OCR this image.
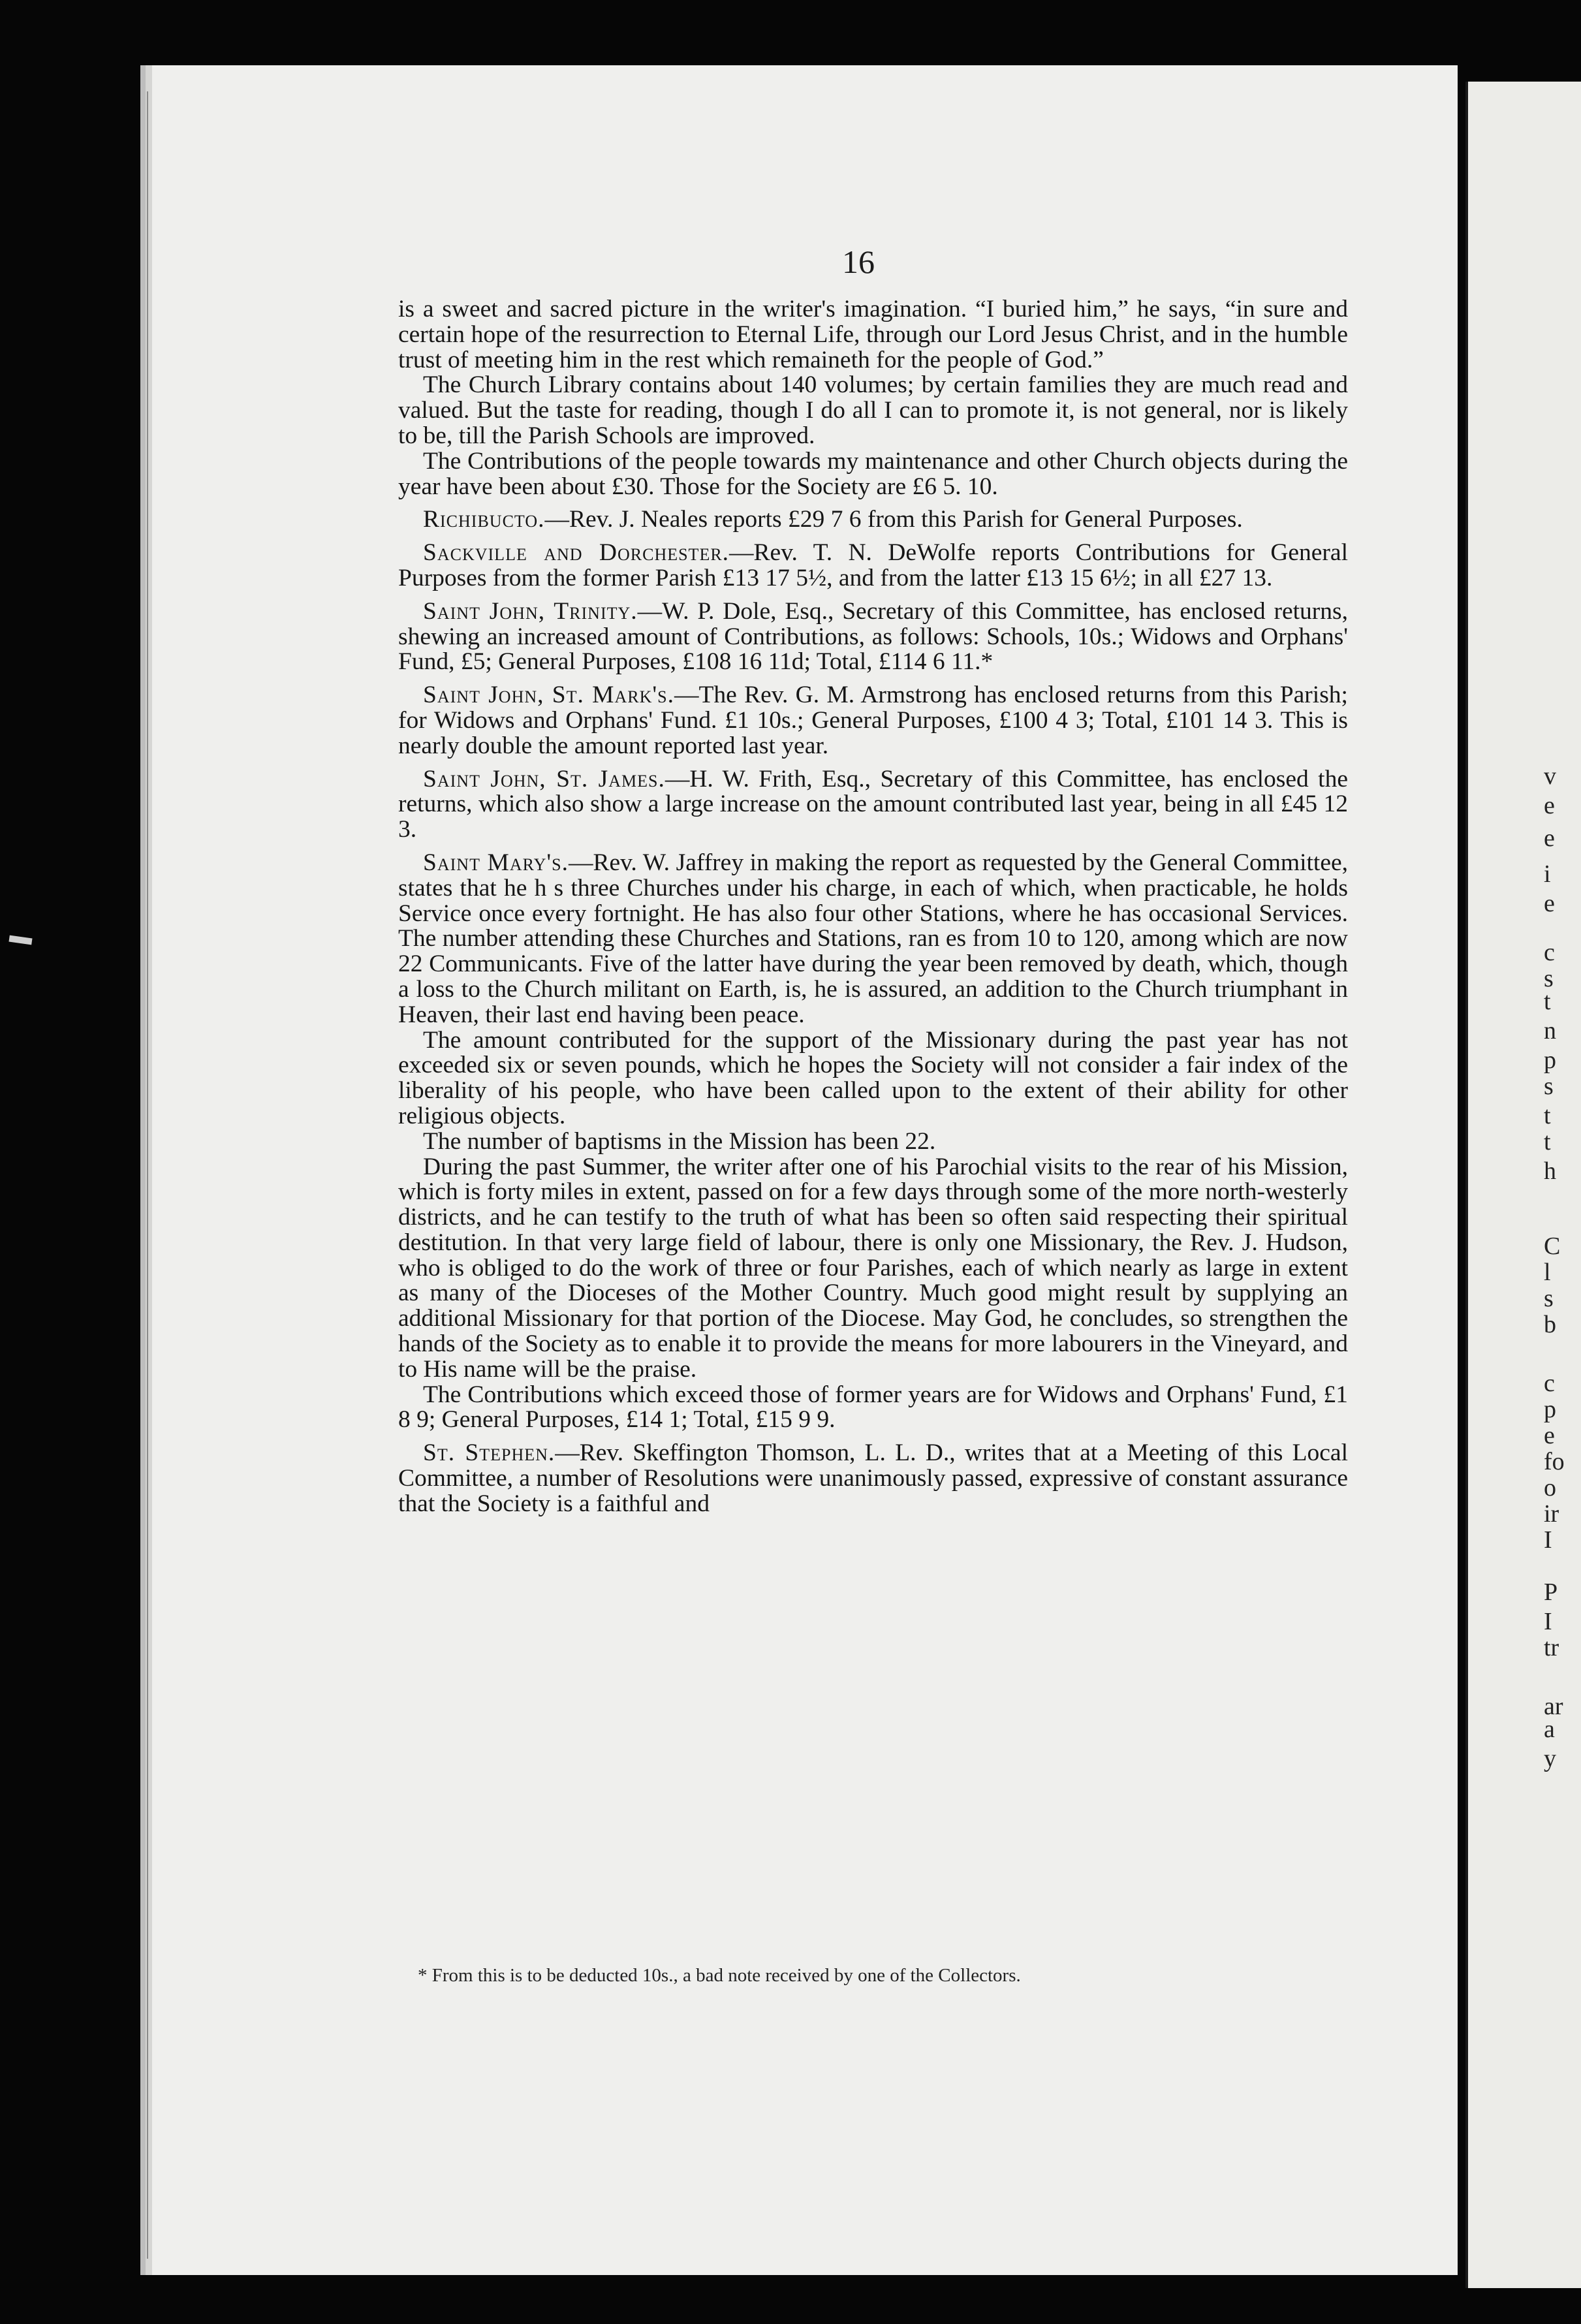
v
e
e
i
e
c
s
t
n
p
s
t
t
h
C
l
s
b
c
p
e
fo
o
ir
I
P
I
tr
ar
a
y
16

is a sweet and sacred picture in the writer's imagination. “I buried him,” he says, “in sure and certain hope of the resurrection to Eternal Life, through our Lord Jesus Christ, and in the humble trust of meeting him in the rest which remaineth for the people of God.”

The Church Library contains about 140 volumes; by certain families they are much read and valued. But the taste for reading, though I do all I can to promote it, is not general, nor is likely to be, till the Parish Schools are improved.

The Contributions of the people towards my maintenance and other Church objects during the year have been about £30. Those for the Society are £6 5. 10.

Richibucto.—Rev. J. Neales reports £29 7 6 from this Parish for General Purposes.

Sackville and Dorchester.—Rev. T. N. DeWolfe reports Contributions for General Purposes from the former Parish £13 17 5½, and from the latter £13 15 6½; in all £27 13.

Saint John, Trinity.—W. P. Dole, Esq., Secretary of this Committee, has enclosed returns, shewing an increased amount of Contributions, as follows: Schools, 10s.; Widows and Orphans' Fund, £5; General Purposes, £108 16 11d; Total, £114 6 11.*

Saint John, St. Mark's.—The Rev. G. M. Armstrong has enclosed returns from this Parish; for Widows and Orphans' Fund. £1 10s.; General Purposes, £100 4 3; Total, £101 14 3. This is nearly double the amount reported last year.

Saint John, St. James.—H. W. Frith, Esq., Secretary of this Committee, has enclosed the returns, which also show a large increase on the amount contributed last year, being in all £45 12 3.

Saint Mary's.—Rev. W. Jaffrey in making the report as requested by the General Committee, states that he h s three Churches under his charge, in each of which, when practicable, he holds Service once every fortnight. He has also four other Stations, where he has occasional Services. The number attending these Churches and Stations, ran es from 10 to 120, among which are now 22 Communicants. Five of the latter have during the year been removed by death, which, though a loss to the Church militant on Earth, is, he is assured, an addition to the Church triumphant in Heaven, their last end having been peace.

The amount contributed for the support of the Missionary during the past year has not exceeded six or seven pounds, which he hopes the Society will not consider a fair index of the liberality of his people, who have been called upon to the extent of their ability for other religious objects.

The number of baptisms in the Mission has been 22.

During the past Summer, the writer after one of his Parochial visits to the rear of his Mission, which is forty miles in extent, passed on for a few days through some of the more north-westerly districts, and he can testify to the truth of what has been so often said respecting their spiritual destitution. In that very large field of labour, there is only one Missionary, the Rev. J. Hudson, who is obliged to do the work of three or four Parishes, each of which nearly as large in extent as many of the Dioceses of the Mother Country. Much good might result by supplying an additional Missionary for that portion of the Diocese. May God, he concludes, so strengthen the hands of the Society as to enable it to provide the means for more labourers in the Vineyard, and to His name will be the praise.

The Contributions which exceed those of former years are for Widows and Orphans' Fund, £1 8 9; General Purposes, £14 1; Total, £15 9 9.

St. Stephen.—Rev. Skeffington Thomson, L. L. D., writes that at a Meeting of this Local Committee, a number of Resolutions were unanimously passed, expressive of constant assurance that the Society is a faithful and

* From this is to be deducted 10s., a bad note received by one of the Collectors.
